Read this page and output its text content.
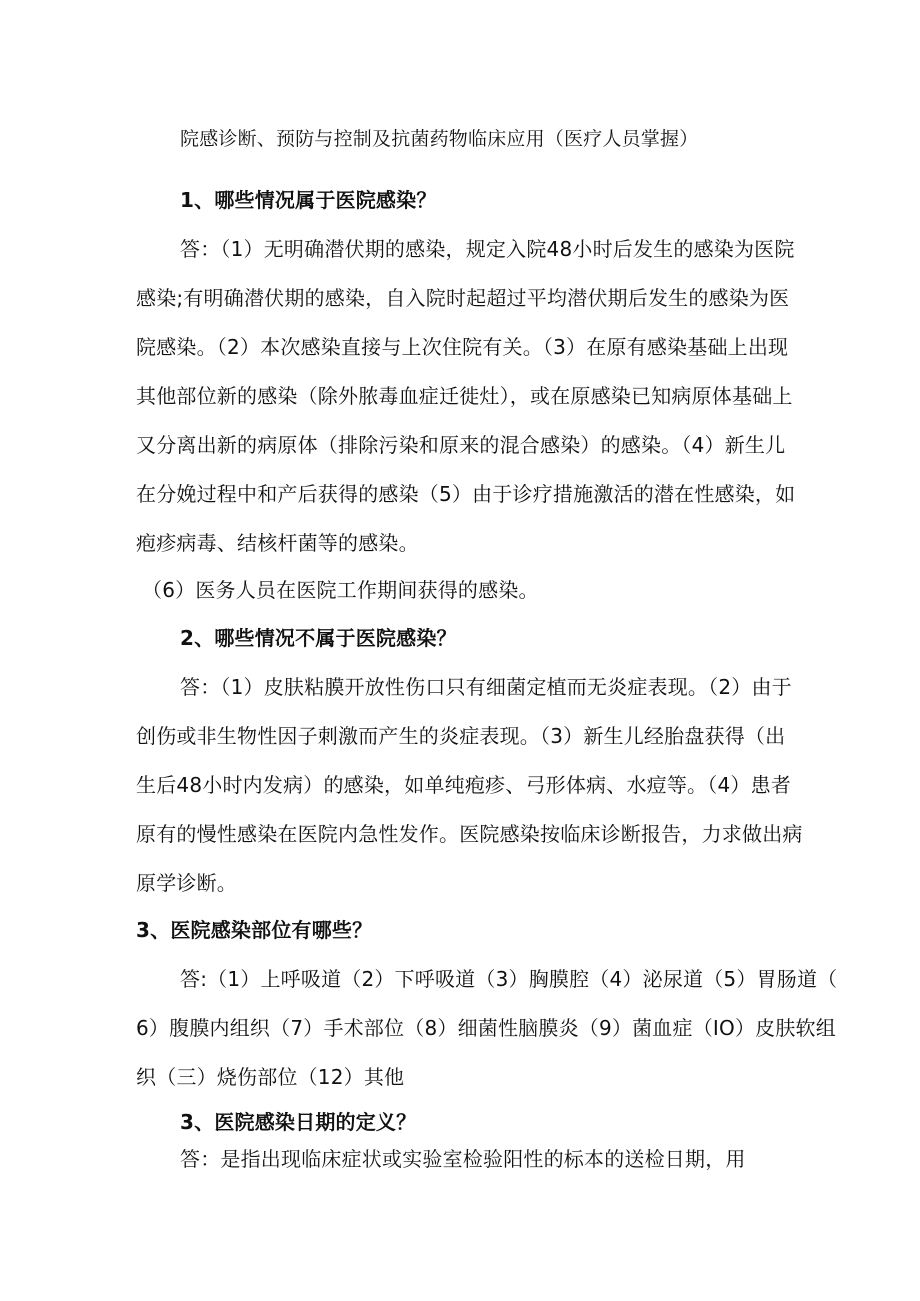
院感诊断、预防与控制及抗菌药物临床应用（医疗人员掌握）
1、哪些情况属于医院感染？
答：（1）无明确潜伏期的感染，规定入院48小时后发生的感染为医院
感染;有明确潜伏期的感染，自入院时起超过平均潜伏期后发生的感染为医
院感染。（2）本次感染直接与上次住院有关。（3）在原有感染基础上出现
其他部位新的感染（除外脓毒血症迁徙灶），或在原感染已知病原体基础上
又分离出新的病原体（排除污染和原来的混合感染）的感染。（4）新生儿
在分娩过程中和产后获得的感染（5）由于诊疗措施激活的潜在性感染，如
疱疹病毒、结核杆菌等的感染。
（6）医务人员在医院工作期间获得的感染。
2、哪些情况不属于医院感染？
答：（1）皮肤粘膜开放性伤口只有细菌定植而无炎症表现。（2）由于
创伤或非生物性因子刺激而产生的炎症表现。（3）新生儿经胎盘获得（出
生后48小时内发病）的感染，如单纯疱疹、弓形体病、水痘等。（4）患者
原有的慢性感染在医院内急性发作。医院感染按临床诊断报告，力求做出病
原学诊断。
3、医院感染部位有哪些？
答:（1）上呼吸道（2）下呼吸道（3）胸膜腔（4）泌尿道（5）胃肠道（
6）腹膜内组织（7）手术部位（8）细菌性脑膜炎（9）菌血症（IO）皮肤软组
织（三）烧伤部位（12）其他
3、医院感染日期的定义？
答：是指出现临床症状或实验室检验阳性的标本的送检日期，用
